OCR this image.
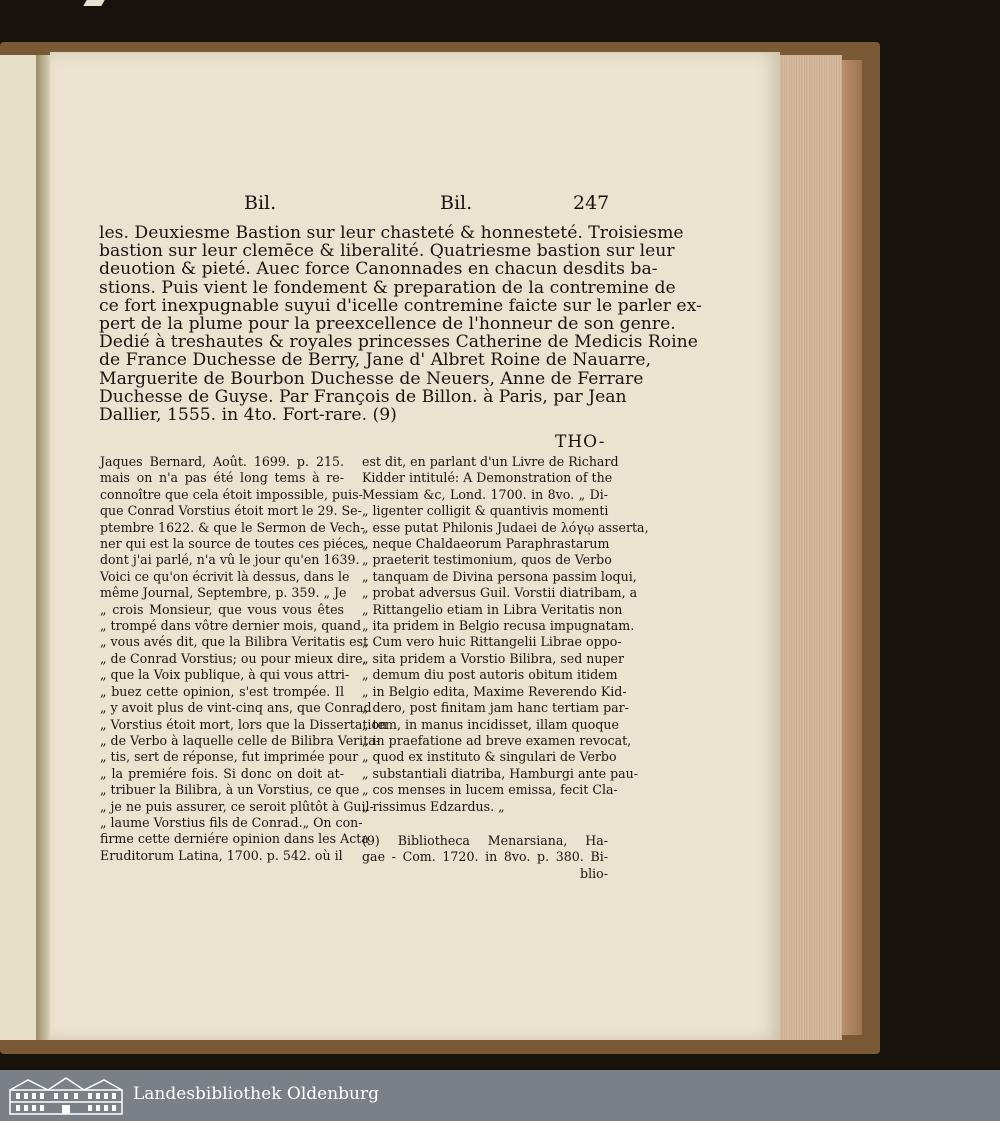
Bil.	Bil.	247
les. Deuxiesme Bastion sur leur chasteté & honnesteté. Troisiesme
bastion sur leur clemēce & liberalité. Quatriesme bastion sur leur
deuotion & pieté. Auec force Canonnades en chacun desdits ba-
stions. Puis vient le fondement & preparation de la contremine de
ce fort inexpugnable suyui d'icelle contremine faicte sur le parler ex-
pert de la plume pour la preexcellence de l'honneur de son genre.
Dedié à treshautes & royales princesses Catherine de Medicis Roine
de France Duchesse de Berry, Jane d' Albret Roine de Nauarre,
Marguerite de Bourbon Duchesse de Neuers, Anne de Ferrare
Duchesse de Guyse. Par François de Billon. à Paris, par Jean
Dallier, 1555. in 4to. Fort-rare. (9)
THO-
Jaques Bernard, Août. 1699. p. 215.
mais on n'a pas été long tems à re-
connoître que cela étoit impossible, puis-
que Conrad Vorstius étoit mort le 29. Se-
ptembre 1622. & que le Sermon de Vech-
ner qui est la source de toutes ces piéces
dont j'ai parlé, n'a vû le jour qu'en 1639.
Voici ce qu'on écrivit là dessus, dans le
même Journal, Septembre, p. 359. „ Je
„ crois Monsieur, que vous vous êtes
„ trompé dans vôtre dernier mois, quand
„ vous avés dit, que la Bilibra Veritatis est
„ de Conrad Vorstius; ou pour mieux dire,
„ que la Voix publique, à qui vous attri-
„ buez cette opinion, s'est trompée. Il
„ y avoit plus de vint-cinq ans, que Conrad
„ Vorstius étoit mort, lors que la Dissertation
„ de Verbo à laquelle celle de Bilibra Verita-
„ tis, sert de réponse, fut imprimée pour
„ la premiére fois. Si donc on doit at-
„ tribuer la Bilibra, à un Vorstius, ce que
„ je ne puis assurer, ce seroit plûtôt à Guil-
„ laume Vorstius fils de Conrad.„ On con-
firme cette derniére opinion dans les Acta
Eruditorum Latina, 1700. p. 542. où il
est dit, en parlant d'un Livre de Richard
Kidder intitulé: A Demonstration of the
Messiam &c, Lond. 1700. in 8vo. „ Di-
„ ligenter colligit & quantivis momenti
„ esse putat Philonis Judaei de λόγῳ asserta,
„ neque Chaldaeorum Paraphrastarum
„ praeterit testimonium, quos de Verbo
„ tanquam de Divina persona passim loqui,
„ probat adversus Guil. Vorstii diatribam, a
„ Rittangelio etiam in Libra Veritatis non
„ ita pridem in Belgio recusa impugnatam.
„ Cum vero huic Rittangelii Librae oppo-
„ sita pridem a Vorstio Bilibra, sed nuper
„ demum diu post autoris obitum itidem
„ in Belgio edita, Maxime Reverendo Kid-
„ dero, post finitam jam hanc tertiam par-
„ tem, in manus incidisset, illam quoque
„ in praefatione ad breve examen revocat,
„ quod ex instituto & singulari de Verbo
„ substantiali diatriba, Hamburgi ante pau-
„ cos menses in lucem emissa, fecit Cla-
„ rissimus Edzardus. „
(9) Bibliotheca Menarsiana, Ha-
gae - Com. 1720. in 8vo. p. 380. Bi-
blio-
Landesbibliothek Oldenburg
